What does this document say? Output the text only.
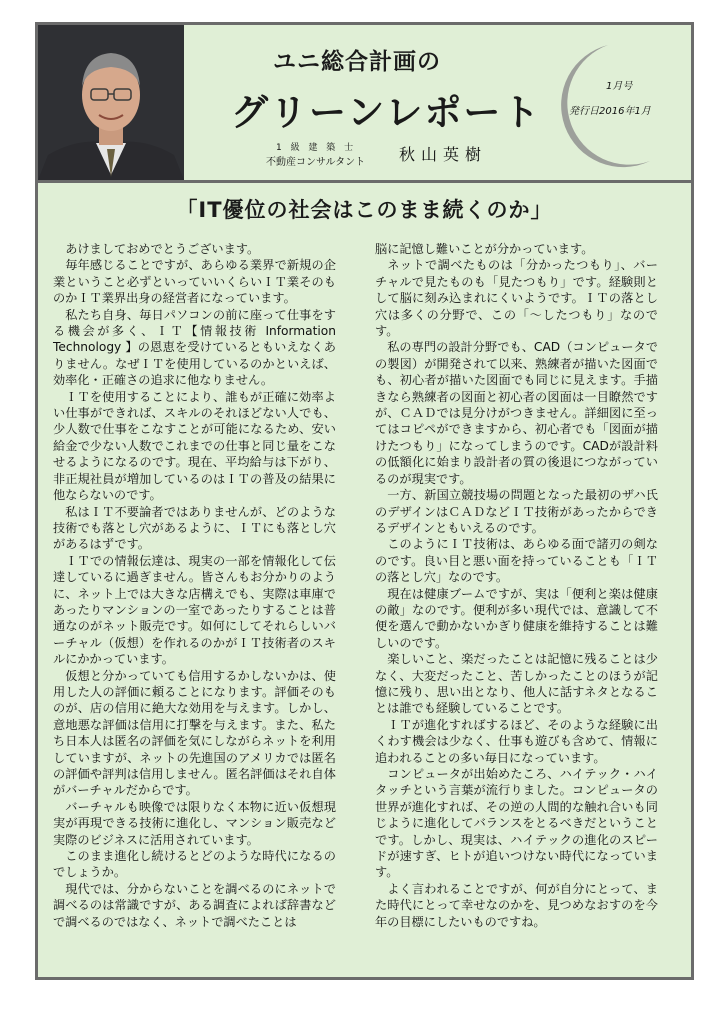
ユニ総合計画の
グリーンレポート
1 級 建 築 士
不動産コンサルタント 秋山英樹
1月号
発行日2016年1月
「IT優位の社会はこのまま続くのか」

あけましておめでとうございます。

毎年感じることですが、あらゆる業界で新規の企業ということ必ずといっていいくらいＩＴ業そのものかＩＴ業界出身の経営者になっています。

私たち自身、毎日パソコンの前に座って仕事をする機会が多く、ＩＴ【情報技術 Information Technology 】の恩恵を受けているともいえなくありません。なぜＩＴを使用しているのかといえば、効率化・正確さの追求に他なりません。

ＩＴを使用することにより、誰もが正確に効率よい仕事ができれば、スキルのそれほどない人でも、少人数で仕事をこなすことが可能になるため、安い給金で少ない人数でこれまでの仕事と同じ量をこなせるようになるのです。現在、平均給与は下がり、非正規社員が増加しているのはＩＴの普及の結果に他ならないのです。

私はＩＴ不要論者ではありませんが、どのような技術でも落とし穴があるように、ＩＴにも落とし穴があるはずです。

ＩＴでの情報伝達は、現実の一部を情報化して伝達しているに過ぎません。皆さんもお分かりのように、ネット上では大きな店構えでも、実際は車庫であったりマンションの一室であったりすることは普通なのがネット販売です。如何にしてそれらしいバーチャル（仮想）を作れるのかがＩＴ技術者のスキルにかかっています。

仮想と分かっていても信用するかしないかは、使用した人の評価に頼ることになります。評価そのものが、店の信用に絶大な効用を与えます。しかし、意地悪な評価は信用に打撃を与えます。また、私たち日本人は匿名の評価を気にしながらネットを利用していますが、ネットの先進国のアメリカでは匿名の評価や評判は信用しません。匿名評価はそれ自体がバーチャルだからです。

バーチャルも映像では限りなく本物に近い仮想現実が再現できる技術に進化し、マンション販売など実際のビジネスに活用されています。

このまま進化し続けるとどのような時代になるのでしょうか。

現代では、分からないことを調べるのにネットで調べるのは常識ですが、ある調査によれば辞書などで調べるのではなく、ネットで調べたことは

脳に記憶し難いことが分かっています。

ネットで調べたものは「分かったつもり」、バーチャルで見たものも「見たつもり」です。経験則として脳に刻み込まれにくいようです。ＩＴの落とし穴は多くの分野で、この「～したつもり」なのです。

私の専門の設計分野でも、CAD（コンピュータでの製図）が開発されて以来、熟練者が描いた図面でも、初心者が描いた図面でも同じに見えます。手描きなら熟練者の図面と初心者の図面は一目瞭然ですが、ＣＡＤでは見分けがつきません。詳細図に至ってはコピペができますから、初心者でも「図面が描けたつもり」になってしまうのです。CADが設計料の低額化に始まり設計者の質の後退につながっているのが現実です。

一方、新国立競技場の問題となった最初のザハ氏のデザインはＣＡＤなどＩＴ技術があったからできるデザインともいえるのです。

このようにＩＴ技術は、あらゆる面で諸刃の剣なのです。良い目と悪い面を持っていることも「ＩＴの落とし穴」なのです。

現在は健康ブームですが、実は「便利と楽は健康の敵」なのです。便利が多い現代では、意識して不便を選んで動かないかぎり健康を維持することは難しいのです。

楽しいこと、楽だったことは記憶に残ることは少なく、大変だったこと、苦しかったことのほうが記憶に残り、思い出となり、他人に話すネタとなることは誰でも経験していることです。

ＩＴが進化すればするほど、そのような経験に出くわす機会は少なく、仕事も遊びも含めて、情報に追われることの多い毎日になっています。

コンピュータが出始めたころ、ハイテック・ハイタッチという言葉が流行りました。コンピュータの世界が進化すれば、その逆の人間的な触れ合いも同じように進化してバランスをとるべきだということです。しかし、現実は、ハイテックの進化のスピードが速すぎ、ヒトが追いつけない時代になっています。

よく言われることですが、何が自分にとって、また時代にとって幸せなのかを、見つめなおすのを今年の目標にしたいものですね。
